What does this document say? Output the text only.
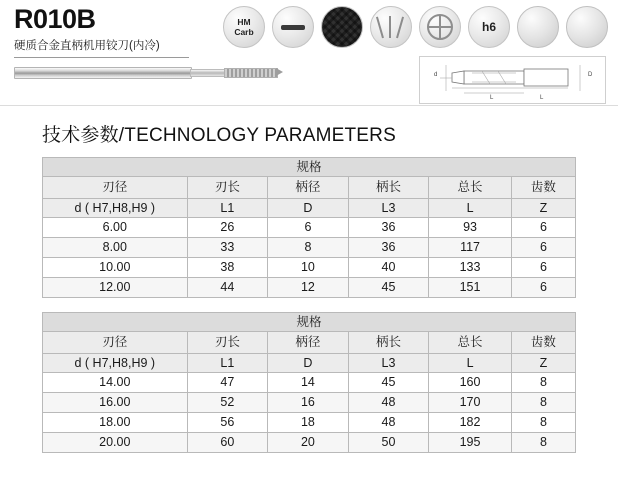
R010B
硬质合金直柄机用铰刀(内冷)
HM
Carb	h6
d	D
L	L
技术参数/TECHNOLOGY PARAMETERS
规格					
刃径	刃长	柄径	柄长	总长	齿数
d ( H7,H8,H9 )	L1	D	L3	L	Z
6.00	26	6	36	93	6
8.00	33	8	36	117	6
10.00	38	10	40	133	6
12.00	44	12	45	151	6
规格					
刃径	刃长	柄径	柄长	总长	齿数
d ( H7,H8,H9 )	L1	D	L3	L	Z
14.00	47	14	45	160	8
16.00	52	16	48	170	8
18.00	56	18	48	182	8
20.00	60	20	50	195	8
